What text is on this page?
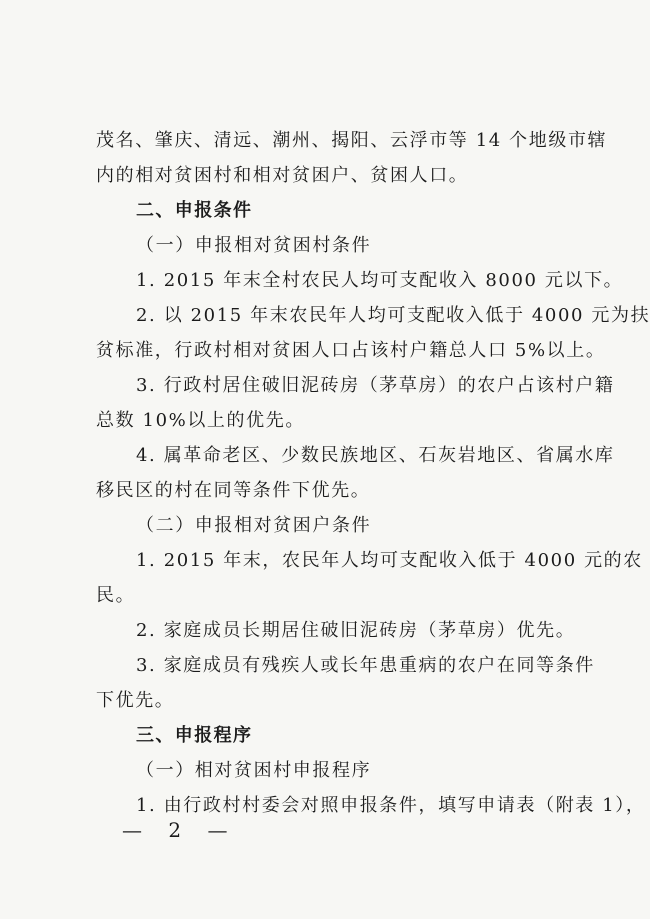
茂名、肇庆、清远、潮州、揭阳、云浮市等 14 个地级市辖
内的相对贫困村和相对贫困户、贫困人口。
二、申报条件
（一）申报相对贫困村条件
1. 2015 年末全村农民人均可支配收入 8000 元以下。
2. 以 2015 年末农民年人均可支配收入低于 4000 元为扶
贫标准，行政村相对贫困人口占该村户籍总人口 5%以上。
3. 行政村居住破旧泥砖房（茅草房）的农户占该村户籍
总数 10%以上的优先。
4. 属革命老区、少数民族地区、石灰岩地区、省属水库
移民区的村在同等条件下优先。
（二）申报相对贫困户条件
1. 2015 年末，农民年人均可支配收入低于 4000 元的农
民。
2. 家庭成员长期居住破旧泥砖房（茅草房）优先。
3. 家庭成员有残疾人或长年患重病的农户在同等条件
下优先。
三、申报程序
（一）相对贫困村申报程序
1. 由行政村村委会对照申报条件，填写申请表（附表 1），
— 2 —
